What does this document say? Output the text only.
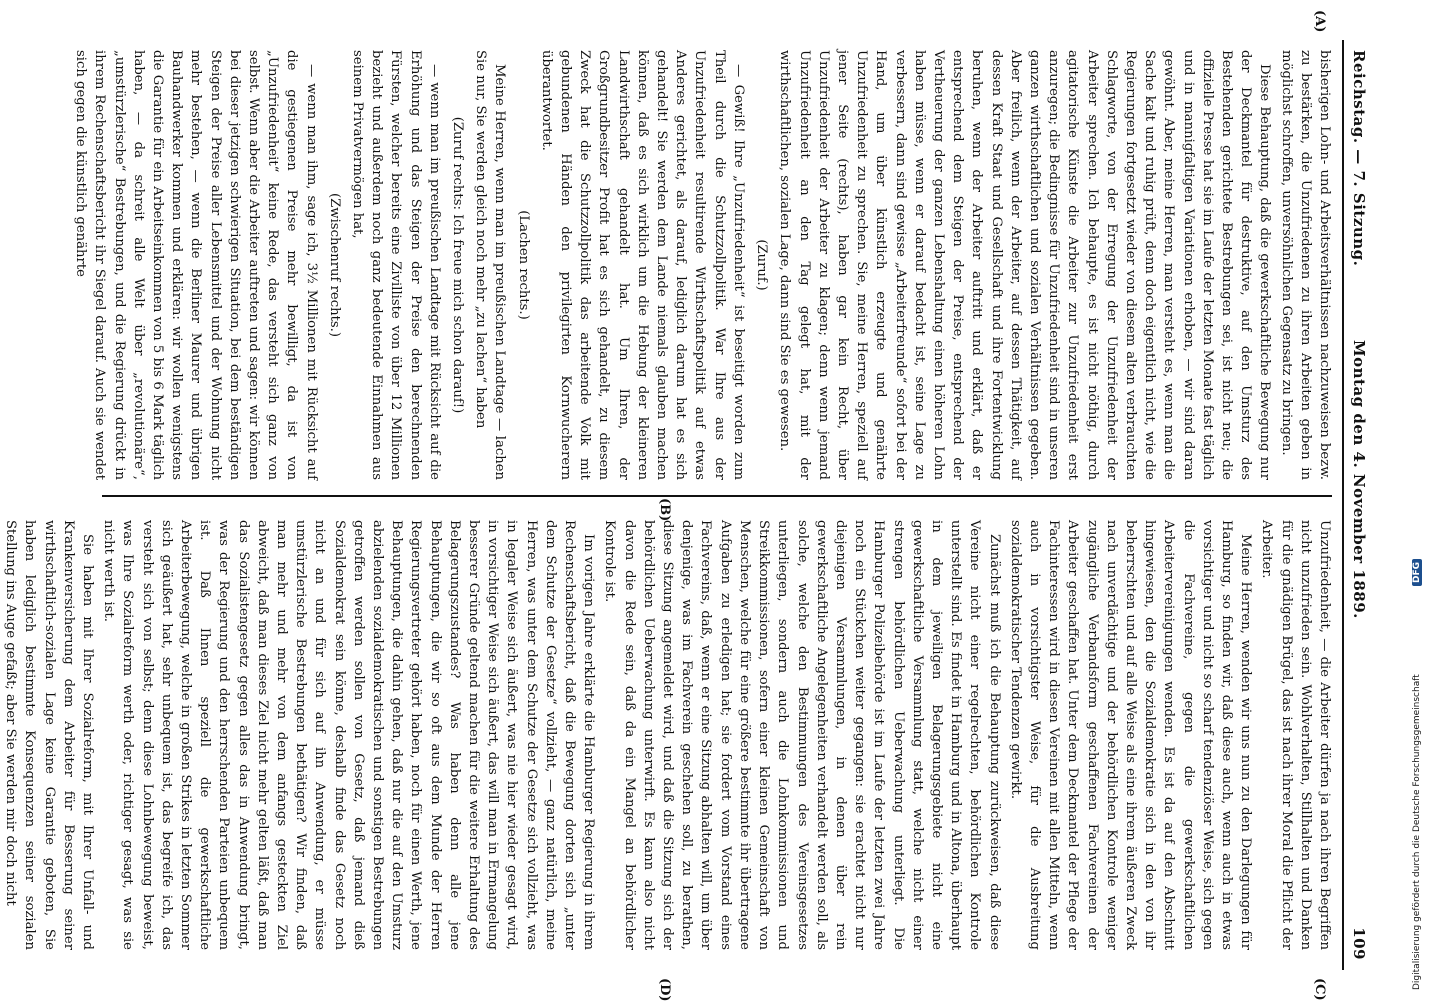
Reichstag. — 7. Sitzung.
Montag den 4. November 1889.
109
(A)
(B)
(C)
(D)

bisherigen Lohn- und Arbeitsverhältnissen nachzuweisen bezw. zu bestärken, die Unzufriedenen zu ihren Arbeiten geben in möglichst schroffen, unversöhnlichen Gegensatz zu bringen.

Diese Behauptung, daß die gewerkschaftliche Bewegung nur der Deckmantel für destruktive, auf den Umsturz des Bestehenden gerichtete Bestrebungen sei, ist nicht neu; die offizielle Presse hat sie im Laufe der letzten Monate fast täglich und in mannigfaltigen Variationen erhoben, — wir sind daran gewöhnt. Aber, meine Herren, man versteht es, wenn man die Sache kalt und ruhig prüft, denn doch eigentlich nicht, wie die Regierungen fortgesetzt wieder von diesem alten verbrauchten Schlagworte, von der Erregung der Unzufriedenheit der Arbeiter sprechen. Ich behaupte, es ist nicht nöthig, durch agitatorische Künste die Arbeiter zur Unzufriedenheit erst anzuregen; die Bedingnisse für Unzufriedenheit sind in unseren ganzen wirthschaftlichen und sozialen Verhältnissen gegeben. Aber freilich, wenn der Arbeiter, auf dessen Thätigkeit, auf dessen Kraft Staat und Gesellschaft und ihre Fortentwicklung beruhen, wenn der Arbeiter auftritt und erklärt, daß er entsprechend dem Steigen der Preise, entsprechend der Vertheuerung der ganzen Lebenshaltung einen höheren Lohn haben müsse, wenn er darauf bedacht ist, seine Lage zu verbessern, dann sind gewisse „Arbeiterfreunde“ sofort bei der Hand, um über künstlich erzeugte und genährte Unzufriedenheit zu sprechen. Sie, meine Herren, speziell auf jener Seite (rechts), haben gar kein Recht, über Unzufriedenheit der Arbeiter zu klagen; denn wenn jemand Unzufriedenheit an den Tag gelegt hat, mit der wirthschaftlichen, sozialen Lage, dann sind Sie es gewesen.

(Zuruf.)

— Gewiß! Ihre „Unzufriedenheit“ ist beseitigt worden zum Theil durch die Schutzzollpolitik. War Ihre aus der Unzufriedenheit resultirende Wirthschaftspolitik auf etwas Anderes gerichtet, als darauf, lediglich darum hat es sich gehandelt! Sie werden dem Lande niemals glauben machen können, daß es sich wirklich um die Hebung der kleineren Landwirthschaft gehandelt hat. Um Ihren, der Großgrundbesitzer Profit hat es sich gehandelt, zu diesem Zweck hat die Schutzzollpolitik das arbeitende Volk mit gebundenen Händen den privilegirten Kornwucherern überantwortet.

(Lachen rechts.)

Meine Herren, wenn man im preußischen Landtage — lachen Sie nur, Sie werden gleich noch mehr „zu lachen“ haben

(Zuruf rechts: Ich freue mich schon darauf!)

— wenn man im preußischen Landtage mit Rücksicht auf die Erhöhung und das Steigen der Preise den berechnenden Fürsten, welcher bereits eine Zivilliste von über 12 Millionen bezieht und außerdem noch ganz bedeutende Einnahmen aus seinem Privatvermögen hat,

(Zwischenruf rechts.)

— wenn man ihm, sage ich, 3½ Millionen mit Rücksicht auf die gestiegenen Preise mehr bewilligt, da ist von „Unzufriedenheit“ keine Rede, das versteht sich ganz von selbst. Wenn aber die Arbeiter auftreten und sagen: wir können bei dieser jetzigen schwierigen Situation, bei dem beständigen Steigen der Preise aller Lebensmittel und der Wohnung nicht mehr bestehen, — wenn die Berliner Maurer und übrigen Bauhandwerker kommen und erklären: wir wollen wenigstens die Garantie für ein Arbeitseinkommen von 5 bis 6 Mark täglich haben, — da schreit alle Welt über „revolutionäre“, „umstürzlerische“ Bestrebungen, und die Regierung drückt in ihrem Rechenschaftsbericht ihr Siegel darauf. Auch sie wendet sich gegen die künstlich genährte

Unzufriedenheit, — die Arbeiter dürfen ja nach ihren Begriffen nicht unzufrieden sein. Wohlverhalten, Stillhalten und Danken für die gnädigen Brügel, das ist nach ihrer Moral die Pflicht der Arbeiter.

Meine Herren, wenden wir uns nun zu den Darlegungen für Hamburg, so finden wir, daß diese auch, wenn auch in etwas vorsichtiger und nicht so scharf tendenziöser Weise, sich gegen die Fachvereine, gegen die gewerkschaftlichen Arbeitervereinigungen wenden. Es ist da auf den Abschnitt hingewiesen, den die Sozialdemokratie sich in den von ihr beherrschten und auf alle Weise als eine ihrem äußeren Zweck nach unverdächtige und der behördlichen Kontrole weniger zugängliche Verbandsform geschaffenen Fachvereinen der Arbeiter geschaffen hat. Unter dem Deckmantel der Pflege der Fachinteressen wird in diesen Vereinen mit allen Mitteln, wenn auch in vorsichtigster Weise, für die Ausbreitung sozialdemokratischer Tendenzen gewirkt.

Zunächst muß ich die Behauptung zurückweisen, daß diese Vereine nicht einer regelrechten, behördlichen Kontrole unterstellt sind. Es findet in Hamburg und in Altona, überhaupt in dem jeweiligen Belagerungsgebiete nicht eine gewerkschaftliche Versammlung statt, welche nicht einer strengen behördlichen Ueberwachung unterliegt. Die Hamburger Polizeibehörde ist im Laufe der letzten zwei Jahre noch ein Stückchen weiter gegangen: sie erachtet nicht nur diejenigen Versammlungen, in denen über rein gewerkschaftliche Angelegenheiten verhandelt werden soll, als solche, welche den Bestimmungen des Vereinsgesetzes unterliegen, sondern auch die Lohnkommissionen und Streikkommissionen, sofern einer kleinen Gemeinschaft von Menschen, welche für eine größere bestimmte ihr übertragene Aufgaben zu erledigen hat; sie fordert vom Vorstand eines Fachvereins, daß, wenn er eine Sitzung abhalten will, um über denjenige, was im Fachverein geschehen soll, zu berathen, diese Sitzung angemeldet wird, und daß die Sitzung sich der behördlichen Ueberwachung unterwirft. Es kann also nicht davon die Rede sein, daß da ein Mangel an behördlicher Kontrole ist.

Im vorigen Jahre erklärte die Hamburger Regierung in ihrem Rechenschaftsbericht, daß die Bewegung dorten sich „unter dem Schutze der Gesetze“ vollzieht, — ganz natürlich, meine Herren, was unter dem Schutze der Gesetze sich vollzieht, was in legaler Weise sich äußert, was nie hier wieder gesagt wird, in vorsichtiger Weise sich äußert, das will man in Ermangelung besserer Gründe geltend machen für die weitere Erhaltung des Belagerungszustandes? Was haben denn alle jene Behauptungen, die wir so oft aus dem Munde der Herren Regierungsvertreter gehört haben, noch für einen Werth, jene Behauptungen, die dahin gehen, daß nur die auf den Umsturz abzielenden sozialdemokratischen und sonstigen Bestrebungen getroffen werden sollen von Gesetz, daß jemand dieß Sozialdemokrat sein könne, deshalb finde das Gesetz noch nicht an und für sich auf ihn Anwendung, er müsse umstürzlerische Bestrebungen bethätigen? Wir finden, daß man mehr und mehr von dem anfangs gesteckten Ziel abweicht, daß man dieses Ziel nicht mehr gelten läßt, daß man das Sozialistengesetz gegen alles das in Anwendung bringt, was der Regierung und den herrschenden Parteien unbequem ist. Daß Ihnen speziell die gewerkschaftliche Arbeiterbewegung, welche in großen Strikes in letzten Sommer sich geäußert hat, sehr unbequem ist, das begreife ich, das versteht sich von selbst; denn diese Lohnbewegung beweist, was Ihre Sozialreform werth oder, richtiger gesagt, was sie nicht werth ist.

Sie haben mit Ihrer Sozialreform, mit Ihrer Unfall- und Krankenversicherung dem Arbeiter für Besserung seiner wirthschaftlich-sozialen Lage keine Garantie geboten, Sie haben lediglich bestimmte Konsequenzen seiner sozialen Stellung ins Auge gefaßt; aber Sie werden mir doch nicht	Digitalisierung gefördert durch die Deutsche Forschungsgemeinschaft
DFG
